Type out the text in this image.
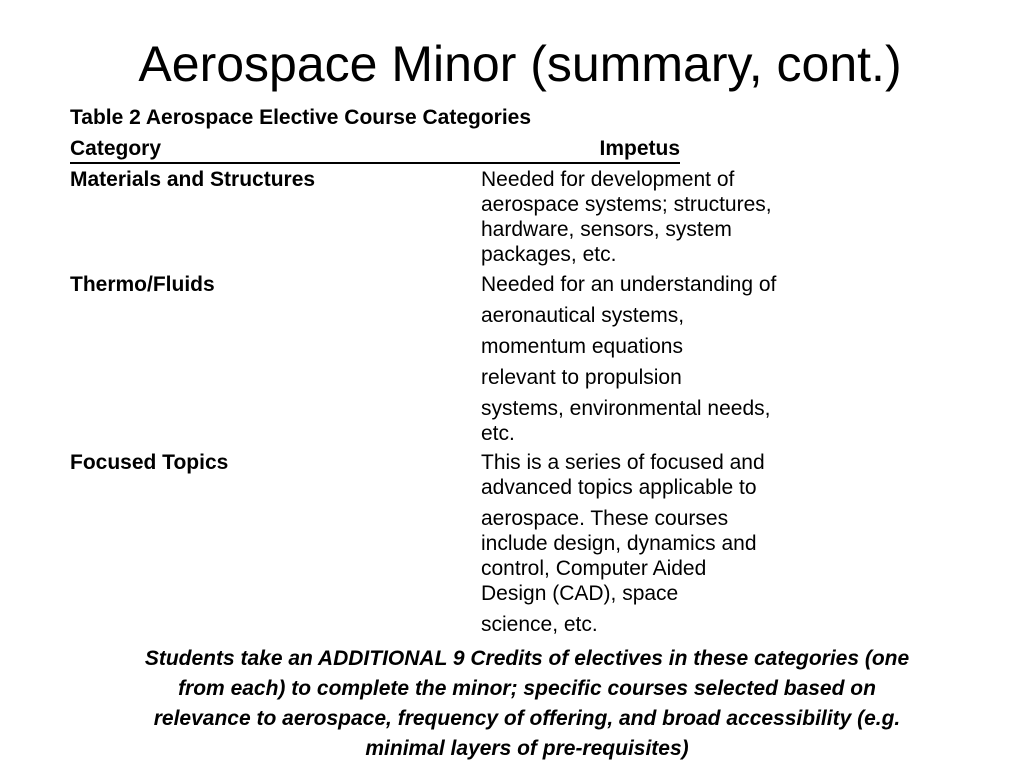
Aerospace Minor (summary, cont.)
Table 2 Aerospace Elective Course Categories
Category	Impetus
Materials and Structures	Needed for development of
aerospace systems; structures,
hardware, sensors, system
packages, etc.
Thermo/Fluids	Needed for an understanding of
aeronautical systems,
momentum equations
relevant to propulsion
systems, environmental needs,
etc.
Focused Topics	This is a series of focused and
advanced topics applicable to
aerospace. These courses
include design, dynamics and
control, Computer Aided
Design (CAD), space
science, etc.
Students take an ADDITIONAL 9 Credits of electives in these categories (one
from each) to complete the minor; specific courses selected based on
relevance to aerospace, frequency of offering, and broad accessibility (e.g.
minimal layers of pre-requisites)
